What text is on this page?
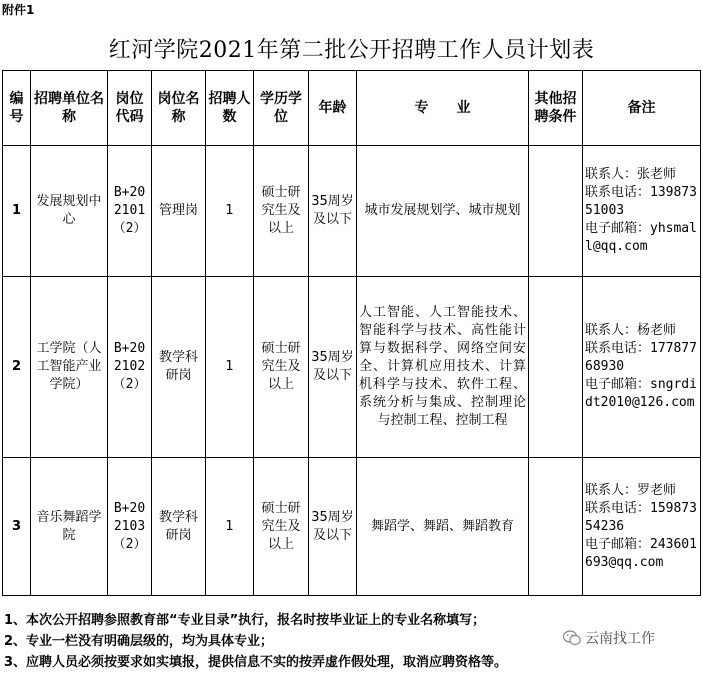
附件1
红河学院2021年第二批公开招聘工作人员计划表
编号	招聘单位名称	岗位代码	岗位名称	招聘人数	学历学位	年龄	专　　业	其他招聘条件	备注
1	发展规划中心	B+202101（2）	管理岗	1	硕士研究生及以上	35周岁及以下	城市发展规划学、城市规划		联系人：张老师
联系电话：13987351003
电子邮箱：yhsmall@qq.com

2	工学院（人工智能产业学院）	B+202102（2）	教学科研岗	1	硕士研究生及以上	35周岁及以下	人工智能、人工智能技术、智能科学与技术、高性能计算与数据科学、网络空间安全、计算机应用技术、计算机科学与技术、软件工程、系统分析与集成、控制理论与控制工程、控制工程		联系人：杨老师
联系电话：17787768930
电子邮箱：sngrdidt2010@126.com

3	音乐舞蹈学院	B+202103（2）	教学科研岗	1	硕士研究生及以上	35周岁及以下	舞蹈学、舞蹈、舞蹈教育		联系人：罗老师
联系电话：15987354236
电子邮箱：243601693@qq.com
1、本次公开招聘参照教育部“专业目录”执行，报名时按毕业证上的专业名称填写；
2、专业一栏没有明确层级的，均为具体专业；
3、应聘人员必须按要求如实填报，提供信息不实的按弄虚作假处理，取消应聘资格等。
云南找工作
